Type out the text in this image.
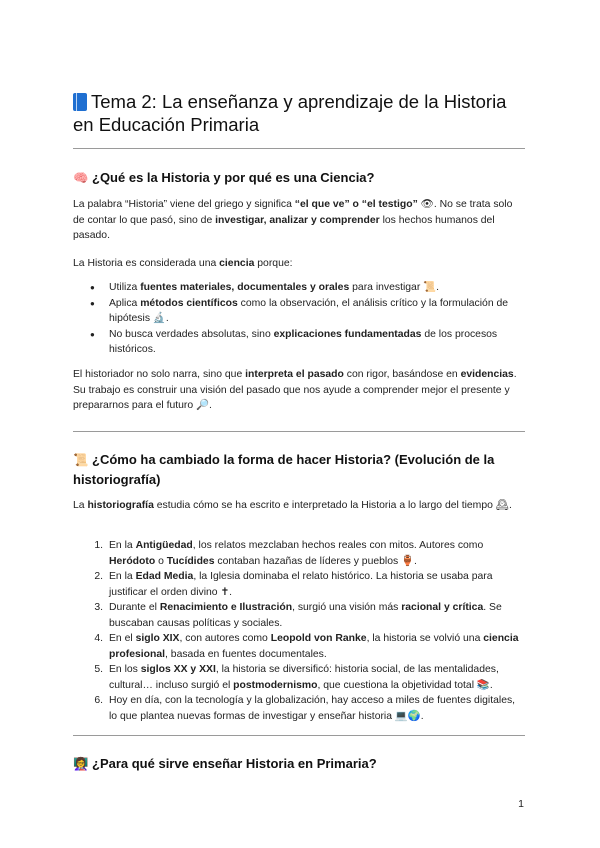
Tema 2: La enseñanza y aprendizaje de la Historia
en Educación Primaria
🧠 ¿Qué es la Historia y por qué es una Ciencia?

La palabra “Historia” viene del griego y significa “el que ve” o “el testigo” 👁. No se trata solo de contar lo que pasó, sino de investigar, analizar y comprender los hechos humanos del pasado.

La Historia es considerada una ciencia porque:

● Utiliza fuentes materiales, documentales y orales para investigar 📜.
● Aplica métodos científicos como la observación, el análisis crítico y la formulación de hipótesis 🔬.
● No busca verdades absolutas, sino explicaciones fundamentadas de los procesos históricos.

El historiador no solo narra, sino que interpreta el pasado con rigor, basándose en evidencias. Su trabajo es construir una visión del pasado que nos ayude a comprender mejor el presente y prepararnos para el futuro 🔎.

📜 ¿Cómo ha cambiado la forma de hacer Historia? (Evolución de la historiografía)

La historiografía estudia cómo se ha escrito e interpretado la Historia a lo largo del tiempo 🕰.

1. En la Antigüedad, los relatos mezclaban hechos reales con mitos. Autores como Heródoto o Tucídides contaban hazañas de líderes y pueblos 🏺.
2. En la Edad Media, la Iglesia dominaba el relato histórico. La historia se usaba para justificar el orden divino ✝.
3. Durante el Renacimiento e Ilustración, surgió una visión más racional y crítica. Se buscaban causas políticas y sociales.
4. En el siglo XIX, con autores como Leopold von Ranke, la historia se volvió una ciencia profesional, basada en fuentes documentales.
5. En los siglos XX y XXI, la historia se diversificó: historia social, de las mentalidades, cultural… incluso surgió el postmodernismo, que cuestiona la objetividad total 📚.
6. Hoy en día, con la tecnología y la globalización, hay acceso a miles de fuentes digitales, lo que plantea nuevas formas de investigar y enseñar historia 💻🌍.
👩‍🏫 ¿Para qué sirve enseñar Historia en Primaria?
1
